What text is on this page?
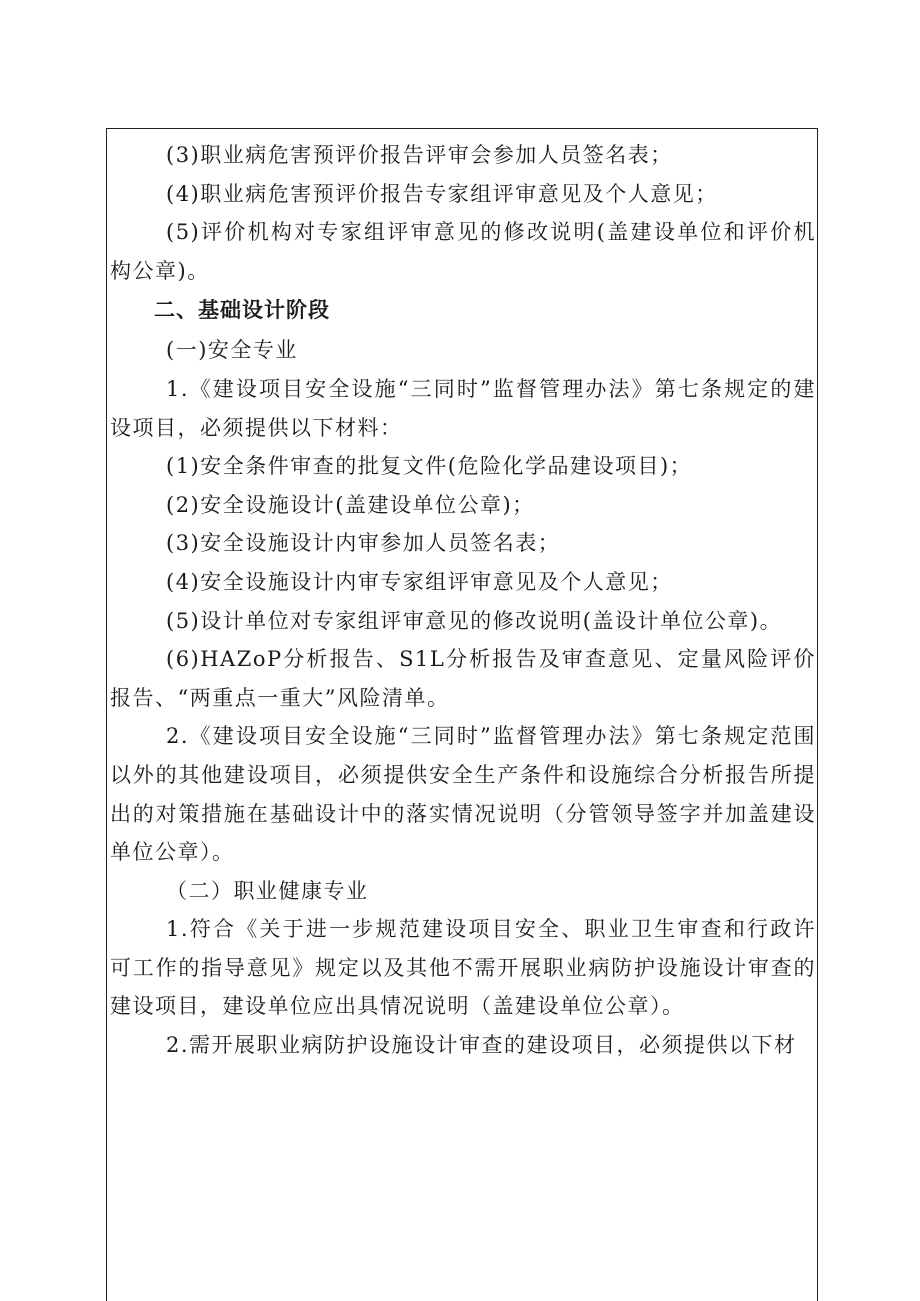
(3)职业病危害预评价报告评审会参加人员签名表；

(4)职业病危害预评价报告专家组评审意见及个人意见；

(5)评价机构对专家组评审意见的修改说明(盖建设单位和评价机构公章)。

二、基础设计阶段

(一)安全专业

1.《建设项目安全设施“三同时”监督管理办法》第七条规定的建设项目，必须提供以下材料：

(1)安全条件审查的批复文件(危险化学品建设项目)；

(2)安全设施设计(盖建设单位公章)；

(3)安全设施设计内审参加人员签名表；

(4)安全设施设计内审专家组评审意见及个人意见；

(5)设计单位对专家组评审意见的修改说明(盖设计单位公章)。

(6)HAZoP分析报告、S1L分析报告及审查意见、定量风险评价报告、“两重点一重大”风险清单。

2.《建设项目安全设施“三同时”监督管理办法》第七条规定范围以外的其他建设项目，必须提供安全生产条件和设施综合分析报告所提出的对策措施在基础设计中的落实情况说明（分管领导签字并加盖建设单位公章）。

（二）职业健康专业

1.符合《关于进一步规范建设项目安全、职业卫生审查和行政许可工作的指导意见》规定以及其他不需开展职业病防护设施设计审查的建设项目，建设单位应出具情况说明（盖建设单位公章）。

2.需开展职业病防护设施设计审查的建设项目，必须提供以下材
